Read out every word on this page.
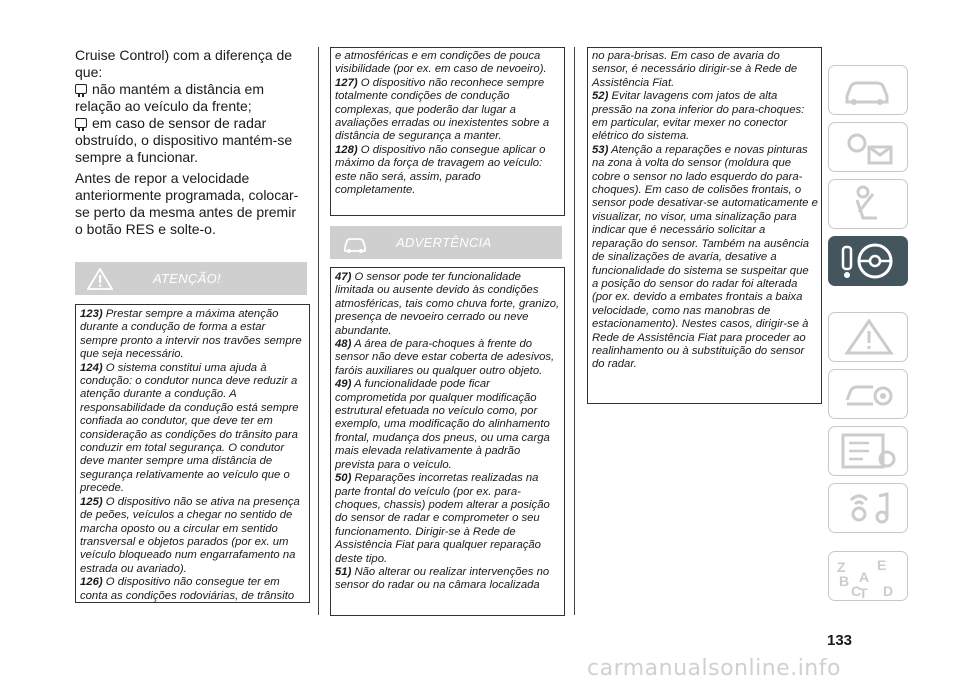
Cruise Control) com a diferença de que:

não mantém a distância em relação ao veículo da frente;

em caso de sensor de radar obstruído, o dispositivo mantém-se sempre a funcionar.

Antes de repor a velocidade anteriormente programada, colocar-se perto da mesma antes de premir o botão RES e solte-o.

ATENÇÃO!

123) Prestar sempre a máxima atenção durante a condução de forma a estar sempre pronto a intervir nos travões sempre que seja necessário.

124) O sistema constitui uma ajuda à condução: o condutor nunca deve reduzir a atenção durante a condução. A responsabilidade da condução está sempre confiada ao condutor, que deve ter em consideração as condições do trânsito para conduzir em total segurança. O condutor deve manter sempre uma distância de segurança relativamente ao veículo que o precede.

125) O dispositivo não se ativa na presença de peões, veículos a chegar no sentido de marcha oposto ou a circular em sentido transversal e objetos parados (por ex. um veículo bloqueado num engarrafamento na estrada ou avariado).

126) O dispositivo não consegue ter em conta as condições rodoviárias, de trânsito

e atmosféricas e em condições de pouca visibilidade (por ex. em caso de nevoeiro).

127) O dispositivo não reconhece sempre totalmente condições de condução complexas, que poderão dar lugar a avaliações erradas ou inexistentes sobre a distância de segurança a manter.

128) O dispositivo não consegue aplicar o máximo da força de travagem ao veículo: este não será, assim, parado completamente.

ADVERTÊNCIA

47) O sensor pode ter funcionalidade limitada ou ausente devido às condições atmosféricas, tais como chuva forte, granizo, presença de nevoeiro cerrado ou neve abundante.

48) A área de para-choques à frente do sensor não deve estar coberta de adesivos, faróis auxiliares ou qualquer outro objeto.

49) A funcionalidade pode ficar comprometida por qualquer modificação estrutural efetuada no veículo como, por exemplo, uma modificação do alinhamento frontal, mudança dos pneus, ou uma carga mais elevada relativamente à padrão prevista para o veículo.

50) Reparações incorretas realizadas na parte frontal do veículo (por ex. para-choques, chassis) podem alterar a posição do sensor de radar e comprometer o seu funcionamento. Dirigir-se à Rede de Assistência Fiat para qualquer reparação deste tipo.

51) Não alterar ou realizar intervenções no sensor do radar ou na câmara localizada

no para-brisas. Em caso de avaria do sensor, é necessário dirigir-se à Rede de Assistência Fiat.

52) Evitar lavagens com jatos de alta pressão na zona inferior do para-choques: em particular, evitar mexer no conector elétrico do sistema.

53) Atenção a reparações e novas pinturas na zona à volta do sensor (moldura que cobre o sensor no lado esquerdo do para-choques). Em caso de colisões frontais, o sensor pode desativar-se automaticamente e visualizar, no visor, uma sinalização para indicar que é necessário solicitar a reparação do sensor. Também na ausência de sinalizações de avaria, desative a funcionalidade do sistema se suspeitar que a posição do sensor do radar foi alterada (por ex. devido a embates frontais a baixa velocidade, como nas manobras de estacionamento). Nestes casos, dirigir-se à Rede de Assistência Fiat para proceder ao realinhamento ou à substituição do sensor do radar.

Z E
A
B
C
T D
133
carmanualsonline.info
